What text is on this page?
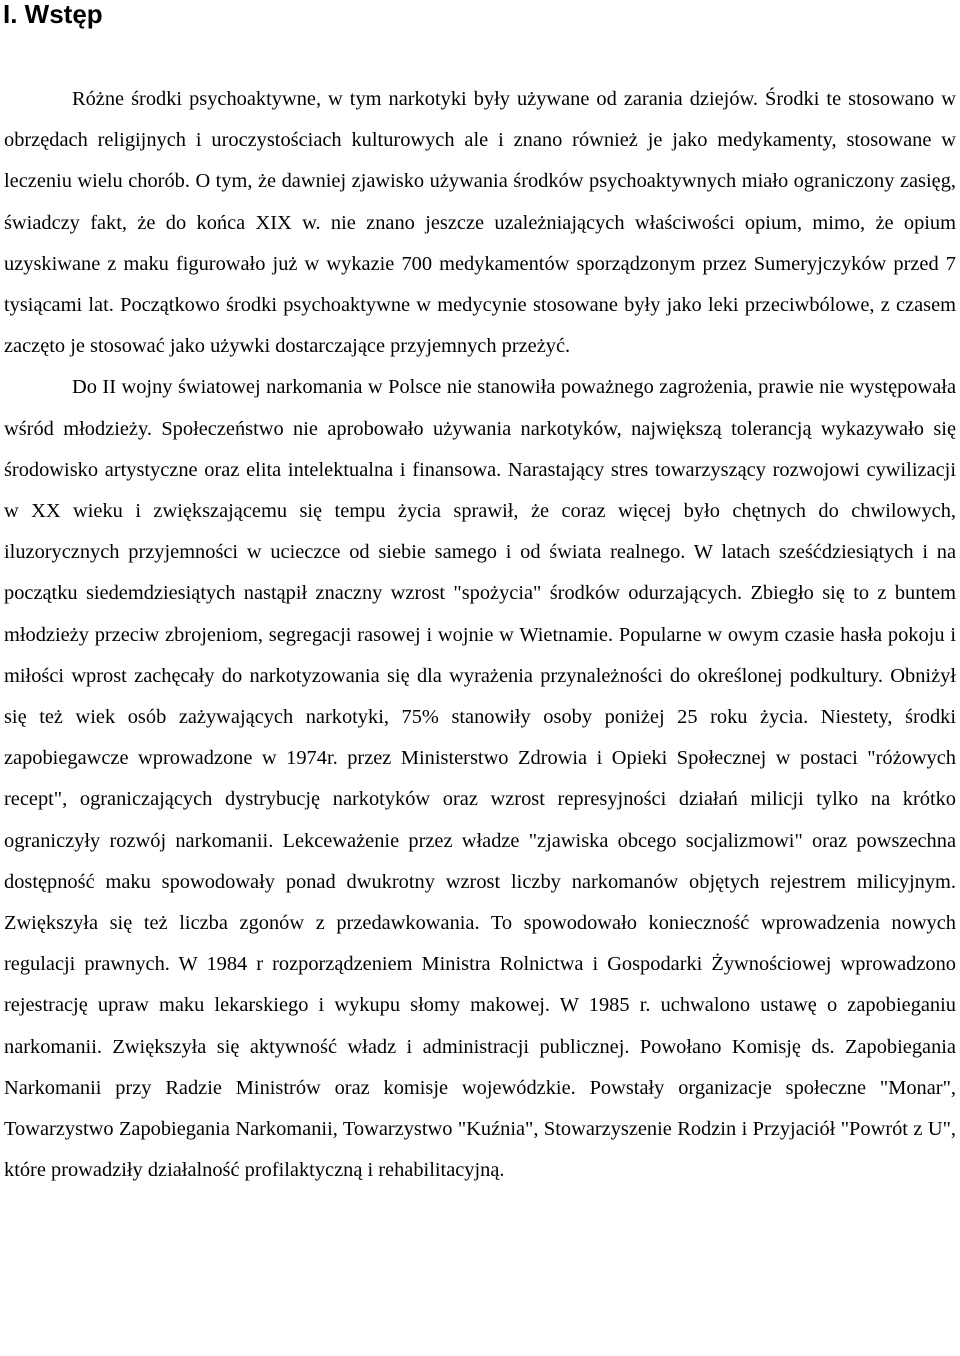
I. Wstęp

Różne środki psychoaktywne, w tym narkotyki były używane od zarania dziejów. Środki te stosowano w obrzędach religijnych i uroczystościach kulturowych ale i znano również je jako medykamenty, stosowane w leczeniu wielu chorób. O tym, że dawniej zjawisko używania środków psychoaktywnych miało ograniczony zasięg, świadczy fakt, że do końca XIX w. nie znano jeszcze uzależniających właściwości opium, mimo, że opium uzyskiwane z maku figurowało już w wykazie 700 medykamentów sporządzonym przez Sumeryjczyków przed 7 tysiącami lat. Początkowo środki psychoaktywne w medycynie stosowane były jako leki przeciwbólowe, z czasem zaczęto je stosować jako używki dostarczające przyjemnych przeżyć.

Do II wojny światowej narkomania w Polsce nie stanowiła poważnego zagrożenia, prawie nie występowała wśród młodzieży. Społeczeństwo nie aprobowało używania narkotyków, największą tolerancją wykazywało się środowisko artystyczne oraz elita intelektualna i finansowa. Narastający stres towarzyszący rozwojowi cywilizacji w XX wieku i zwiększającemu się tempu życia sprawił, że coraz więcej było chętnych do chwilowych, iluzorycznych przyjemności w ucieczce od siebie samego i od świata realnego. W latach sześćdziesiątych i na początku siedemdziesiątych nastąpił znaczny wzrost "spożycia" środków odurzających. Zbiegło się to z buntem młodzieży przeciw zbrojeniom, segregacji rasowej i wojnie w Wietnamie. Popularne w owym czasie hasła pokoju i miłości wprost zachęcały do narkotyzowania się dla wyrażenia przynależności do określonej podkultury. Obniżył się też wiek osób zażywających narkotyki, 75% stanowiły osoby poniżej 25 roku życia. Niestety, środki zapobiegawcze wprowadzone w 1974r. przez Ministerstwo Zdrowia i Opieki Społecznej w postaci "różowych recept", ograniczających dystrybucję narkotyków oraz wzrost represyjności działań milicji tylko na krótko ograniczyły rozwój narkomanii. Lekceważenie przez władze "zjawiska obcego socjalizmowi" oraz powszechna dostępność maku spowodowały ponad dwukrotny wzrost liczby narkomanów objętych rejestrem milicyjnym. Zwiększyła się też liczba zgonów z przedawkowania. To spowodowało konieczność wprowadzenia nowych regulacji prawnych. W 1984 r rozporządzeniem Ministra Rolnictwa i Gospodarki Żywnościowej wprowadzono rejestrację upraw maku lekarskiego i wykupu słomy makowej. W 1985 r. uchwalono ustawę o zapobieganiu narkomanii. Zwiększyła się aktywność władz i administracji publicznej. Powołano Komisję ds. Zapobiegania Narkomanii przy Radzie Ministrów oraz komisje wojewódzkie. Powstały organizacje społeczne "Monar", Towarzystwo Zapobiegania Narkomanii, Towarzystwo "Kuźnia", Stowarzyszenie Rodzin i Przyjaciół "Powrót z U", które prowadziły działalność profilaktyczną i rehabilitacyjną.
